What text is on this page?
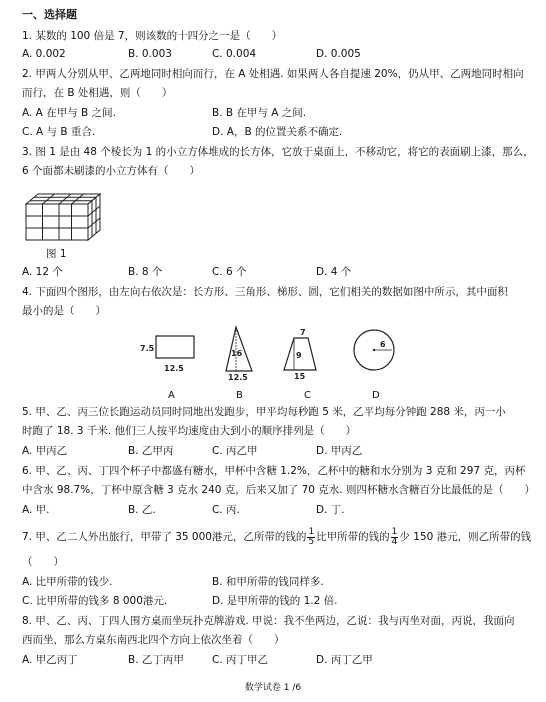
一、选择题
1. 某数的 100 倍是 7，则该数的十四分之一是（　　）
A. 0.002	B. 0.003	C. 0.004	D. 0.005
2. 甲两人分别从甲、乙两地同时相向而行，在 A 处相遇. 如果两人各自提速 20%，仍从甲、乙两地同时相向
而行，在 B 处相遇，则（　　）
A. A 在甲与 B 之间.	B. B 在甲与 A 之间.
C. A 与 B 重合.	D. A，B 的位置关系不确定.
3. 图 1 是由 48 个棱长为 1 的小立方体堆成的长方体，它放于桌面上，不移动它，将它的表面刷上漆，那么，
6 个面都未刷漆的小立方体有（　　）
图 1
A. 12 个	B. 8 个	C. 6 个	D. 4 个
4. 下面四个图形，由左向右依次是：长方形、三角形、梯形、圆，它们相关的数据如图中所示，其中面积
最小的是（　　）
7.5
12.5
16
12.5
7
9
15
6
A	B	C	D
5. 甲、乙、丙三位长跑运动员同时同地出发跑步，甲平均每秒跑 5 米，乙平均每分钟跑 288 米，丙一小
时跑了 18. 3 千米. 他们三人按平均速度由大到小的顺序排列是（　　）
A. 甲丙乙	B. 乙甲丙	C. 丙乙甲	D. 甲丙乙
6. 甲、乙、丙、丁四个杯子中都盛有糖水，甲杯中含糖 1.2%，乙杯中的糖和水分别为 3 克和 297 克，丙杯
中含水 98.7%，丁杯中原含糖 3 克水 240 克，后来又加了 70 克水. 则四杯糖水含糖百分比最低的是（　　）
A. 甲.	B. 乙.	C. 丙.	D. 丁.
7. 甲、乙二人外出旅行，甲带了 35 000港元，乙所带的钱的 $\frac{1}{5}$ 比甲所带的钱的 $\frac{1}{4}$ 少 150 港元，则乙所带的钱
（　　）
A. 比甲所带的钱少.	B. 和甲所带的钱同样多.
C. 比甲所带的钱多 8 000港元.	D. 是甲所带的钱的 1.2 倍.
8. 甲、乙、丙、丁四人围方桌而坐玩扑克牌游戏. 甲说：我不坐两边，乙说：我与丙坐对面，丙说，我面向
西而坐，那么方桌东南西北四个方向上依次坐着（　　）
A. 甲乙丙丁	B. 乙丁丙甲	C. 丙丁甲乙	D. 丙丁乙甲
数学试卷 1 /6
